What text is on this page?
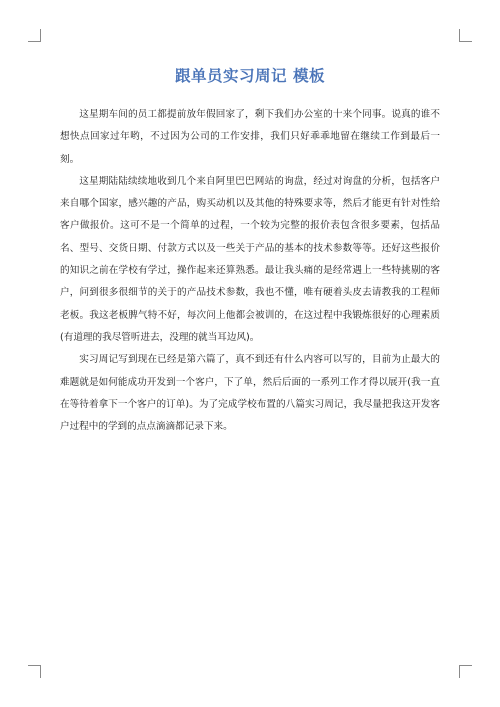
跟单员实习周记 模板

这星期车间的员工都提前放年假回家了，剩下我们办公室的十来个同事。说真的谁不想快点回家过年哟，不过因为公司的工作安排，我们只好乖乖地留在继续工作到最后一刻。

这星期陆陆续续地收到几个来自阿里巴巴网站的询盘，经过对询盘的分析，包括客户来自哪个国家，感兴趣的产品，购买动机以及其他的特殊要求等，然后才能更有针对性给客户做报价。这可不是一个简单的过程，一个较为完整的报价表包含很多要素，包括品名、型号、交货日期、付款方式以及一些关于产品的基本的技术参数等等。还好这些报价的知识之前在学校有学过，操作起来还算熟悉。最让我头痛的是经常遇上一些特挑剔的客户，问到很多很细节的关于的产品技术参数，我也不懂，唯有硬着头皮去请教我的工程师老板。我这老板脾气特不好，每次问上他都会被训的，在这过程中我锻炼很好的心理素质(有道理的我尽管听进去，没理的就当耳边风)。

实习周记写到现在已经是第六篇了，真不到还有什么内容可以写的，目前为止最大的难题就是如何能成功开发到一个客户，下了单，然后后面的一系列工作才得以展开(我一直在等待着拿下一个客户的订单)。为了完成学校布置的八篇实习周记，我尽量把我这开发客户过程中的学到的点点滴滴都记录下来。
